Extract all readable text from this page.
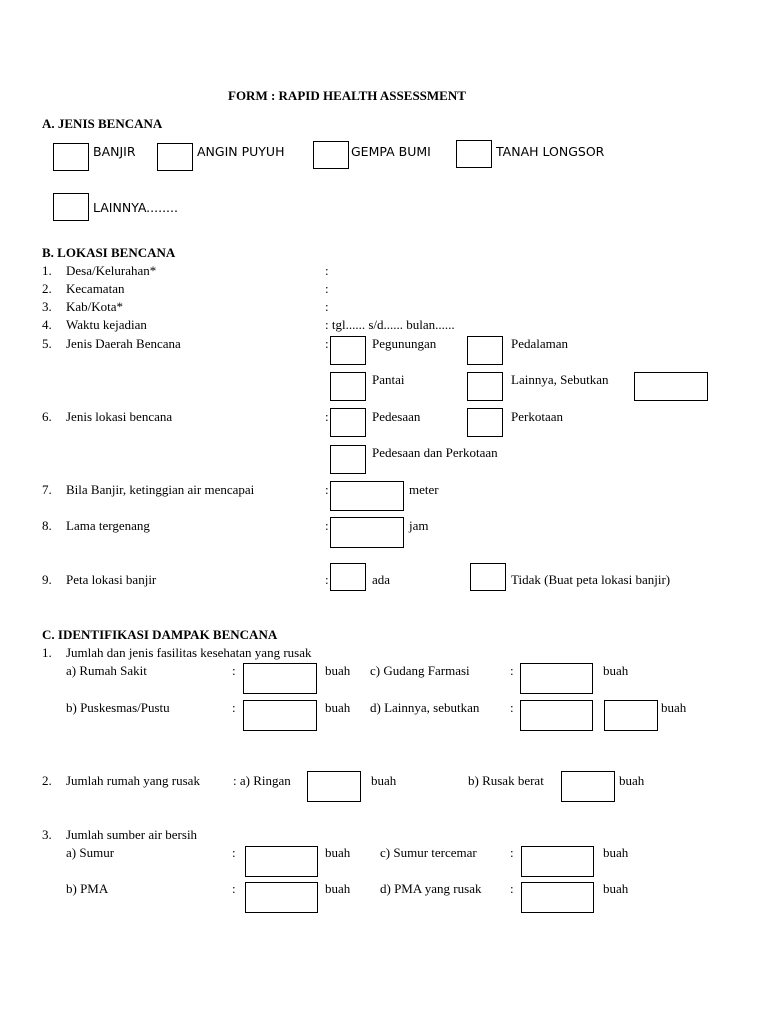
FORM : RAPID HEALTH ASSESSMENT
A. JENIS BENCANA
BANJIR	ANGIN PUYUH	GEMPA BUMI	TANAH LONGSOR
LAINNYA........
B. LOKASI BENCANA
1. Desa/Kelurahan*	:
2. Kecamatan	:
3. Kab/Kota*	:
4. Waktu kejadian	: tgl...... s/d...... bulan......
5. Jenis Daerah Bencana	:	Pegunungan	Pedalaman
Pantai	Lainnya, Sebutkan
6. Jenis lokasi bencana	:	Pedesaan	Perkotaan
Pedesaan dan Perkotaan
7. Bila Banjir, ketinggian air mencapai	:	meter
8. Lama tergenang	:	jam
9. Peta lokasi banjir	:	ada	Tidak (Buat peta lokasi banjir)
C. IDENTIFIKASI DAMPAK BENCANA
1. Jumlah dan jenis fasilitas kesehatan yang rusak
a) Rumah Sakit	:	buah c) Gudang Farmasi	:	buah
b) Puskesmas/Pustu	:	buah d) Lainnya, sebutkan :	buah
2. Jumlah rumah yang rusak	: a) Ringan	buah	b) Rusak berat	buah
3. Jumlah sumber air bersih
a) Sumur	:	buah c) Sumur tercemar	:	buah
b) PMA	:	buah d) PMA yang rusak :	buah
